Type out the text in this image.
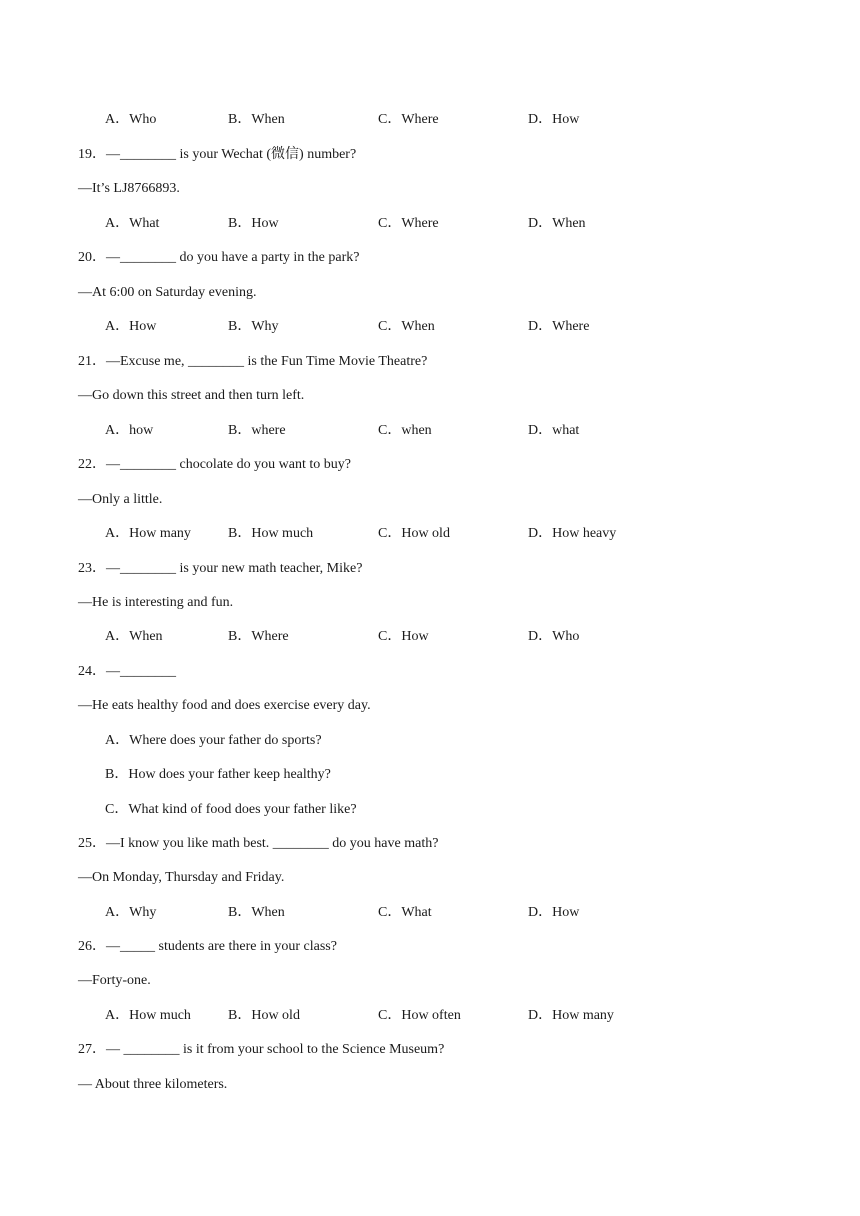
A．Who	B．When	C．Where	D．How
19．—________ is your Wechat (微信) number?
—It’s LJ8766893.
A．What	B．How	C．Where	D．When
20．—________ do you have a party in the park?
—At 6:00 on Saturday evening.
A．How	B．Why	C．When	D．Where
21．—Excuse me, ________ is the Fun Time Movie Theatre?
—Go down this street and then turn left.
A．how	B．where	C．when	D．what
22．—________ chocolate do you want to buy?
—Only a little.
A．How many	B．How much	C．How old	D．How heavy
23．—________ is your new math teacher, Mike?
—He is interesting and fun.
A．When	B．Where	C．How	D．Who
24．—________
—He eats healthy food and does exercise every day.
A．Where does your father do sports?
B．How does your father keep healthy?
C．What kind of food does your father like?
25．—I know you like math best. ________ do you have math?
—On Monday, Thursday and Friday.
A．Why	B．When	C．What	D．How
26．—_____ students are there in your class?
—Forty-one.
A．How much	B．How old	C．How often	D．How many
27．— ________ is it from your school to the Science Museum?
— About three kilometers.
